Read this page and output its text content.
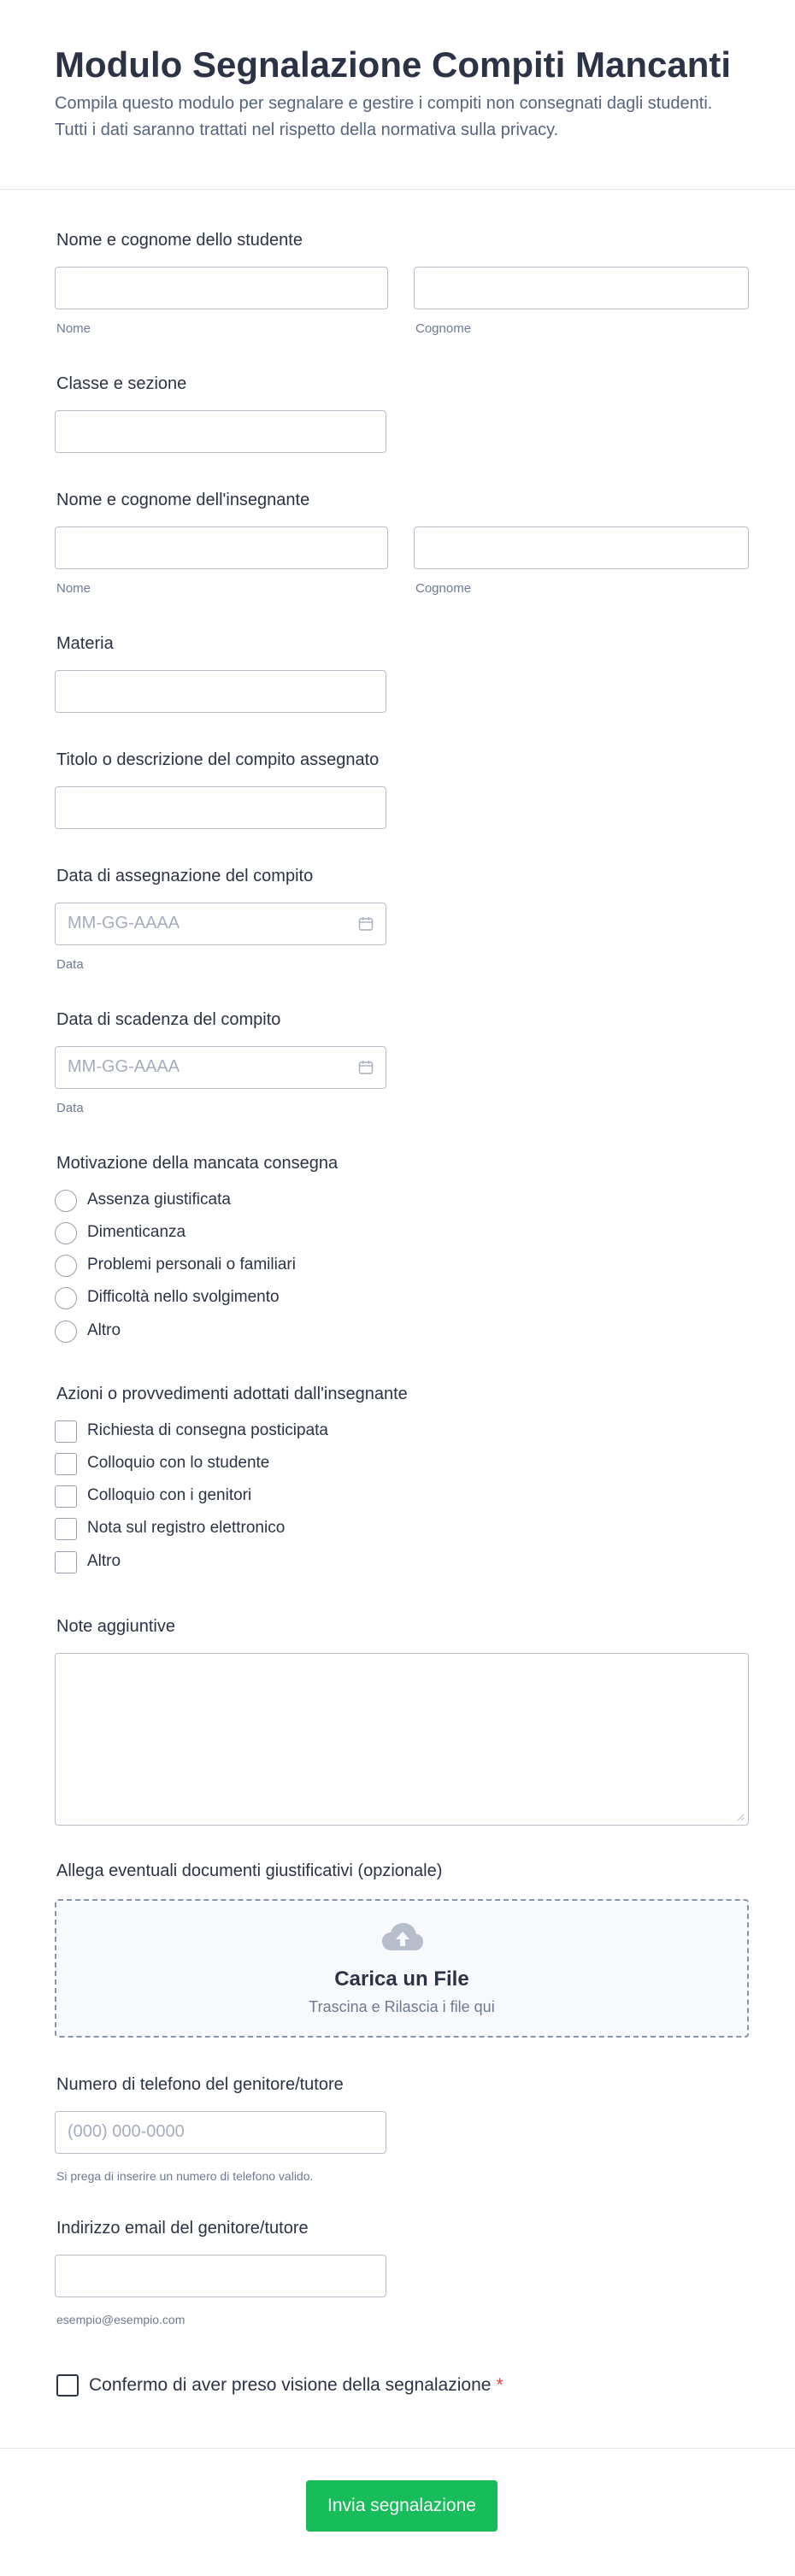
Modulo Segnalazione Compiti Mancanti

Compila questo modulo per segnalare e gestire i compiti non consegnati dagli studenti. Tutti i dati saranno trattati nel rispetto della normativa sulla privacy.

Nome e cognome dello studente
Nome	Cognome
Classe e sezione
Nome e cognome dell'insegnante
Nome	Cognome
Materia
Titolo o descrizione del compito assegnato
Data di assegnazione del compito
MM-GG-AAAA
Data
Data di scadenza del compito
MM-GG-AAAA
Data
Motivazione della mancata consegna
Assenza giustificata
Dimenticanza
Problemi personali o familiari
Difficoltà nello svolgimento
Altro
Azioni o provvedimenti adottati dall'insegnante
Richiesta di consegna posticipata
Colloquio con lo studente
Colloquio con i genitori
Nota sul registro elettronico
Altro
Note aggiuntive
Allega eventuali documenti giustificativi (opzionale)
Carica un File
Trascina e Rilascia i file qui
Numero di telefono del genitore/tutore
(000) 000-0000
Si prega di inserire un numero di telefono valido.
Indirizzo email del genitore/tutore
esempio@esempio.com
Confermo di aver preso visione della segnalazione *
Invia segnalazione
